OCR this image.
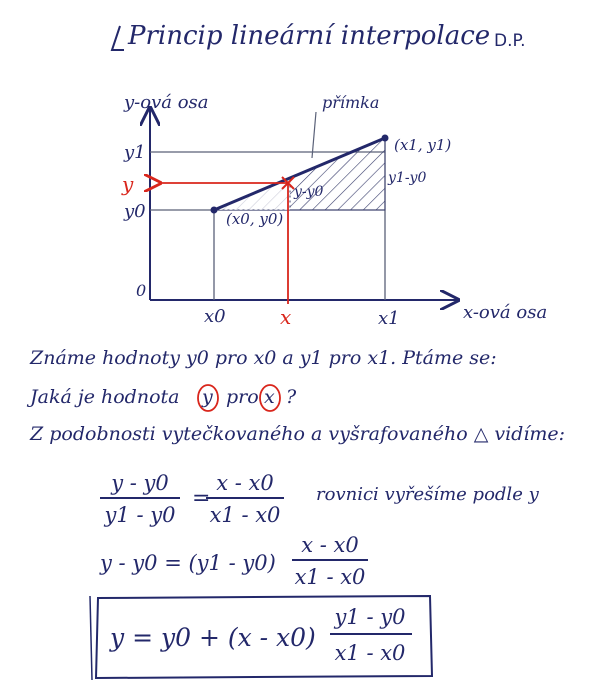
Princip lineární interpolace D.P.
y-ová osa
x-ová osa
0
(x0, y0)
(x1, y1)
přímka
y-y0
y1-y0
y1
y
y0
x0	x	x1
Známe hodnoty y0 pro x0 a y1 pro x1. Ptáme se:
Jaká je hodnota y pro x ?
Z podobnosti vytečkovaného a vyšrafovaného △ vidíme:
y - y0
y1 - y0
=
x - x0
x1 - x0
rovnici vyřešíme podle y
y - y0 = (y1 - y0)
x - x0
x1 - x0
y = y0 + (x - x0)
y1 - y0
x1 - x0
